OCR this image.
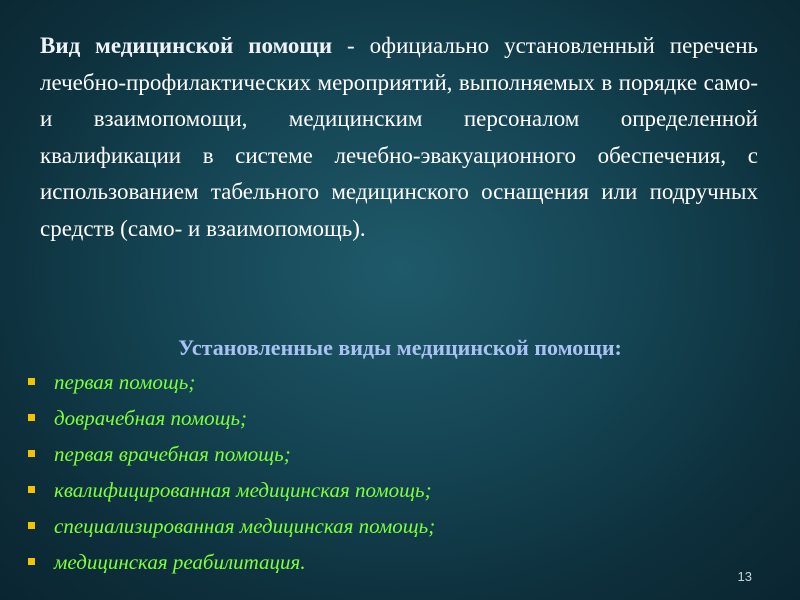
Вид медицинской помощи - официально установленный перечень лечебно-профилактических мероприятий, выполняемых в порядке само- и взаимопомощи, медицинским персоналом определенной квалификации в системе лечебно-эвакуационного обеспечения, с использованием табельного медицинского оснащения или подручных средств (само- и взаимопомощь).

Установленные виды медицинской помощи:
первая помощь;
доврачебная помощь;
первая врачебная помощь;
квалифицированная медицинская помощь;
специализированная медицинская помощь;
медицинская реабилитация.
13
